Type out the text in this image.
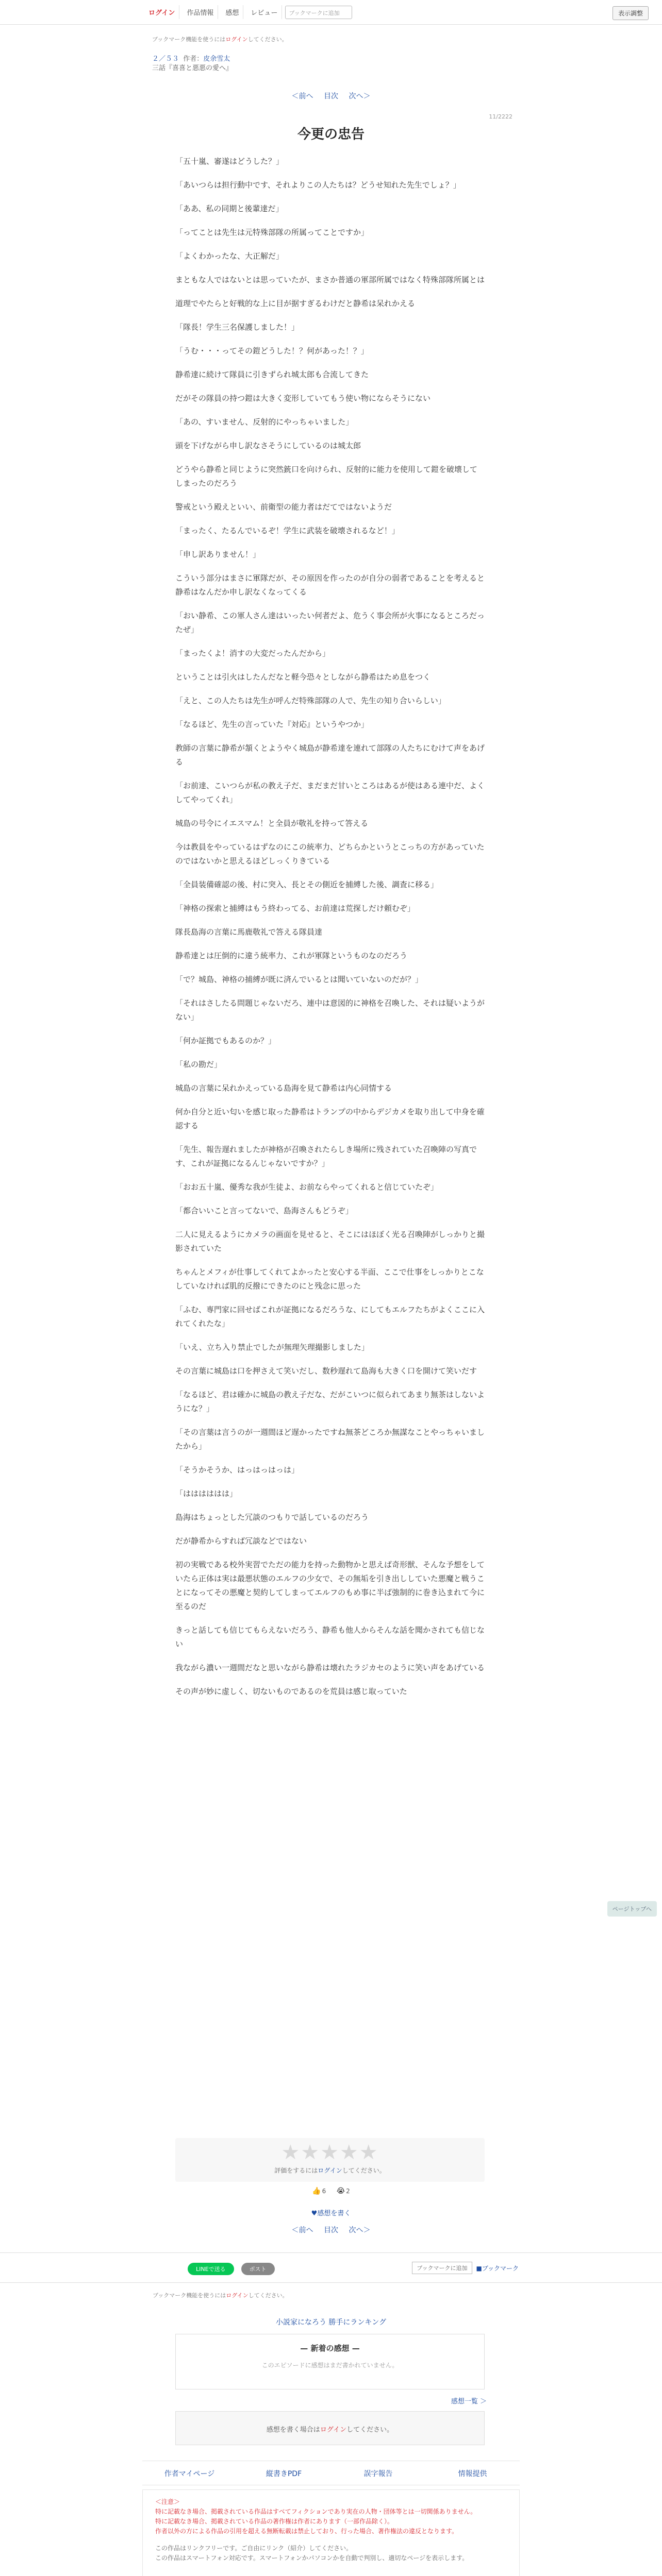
ログイン	作品情報	感想	レビュー	ブックマークに追加	表示調整
ブックマーク機能を使うにはログインしてください。
２／５３ 作者：皮余雪太
三話『喜喜と悪悪の愛へ』
＜前へ 目次 次へ＞
11/2222
今更の忠告

「五十嵐、審遂はどうした？」

「あいつらは担行動中です、それよりこの人たちは？どうせ知れた先生でしょ？」

「ああ、私の同期と後輩達だ」

「ってことは先生は元特殊部隊の所属ってことですか」

「よくわかったな、大正解だ」

まともな人ではないとは思っていたが、まさか普通の軍部所属ではなく特殊部隊所属とは

道理でやたらと好戦的な上に目が据すぎるわけだと静希は呆れかえる

「隊長！学生三名保護しました！」

「うむ・・・ってその鎧どうした！？何があった！？」

静希達に続けて隊員に引きずられ城太郎も合流してきた

だがその隊員の持つ鎧は大きく変形していてもう使い物にならそうにない

「あの、すいません、反射的にやっちゃいました」

頭を下げながら申し訳なさそうにしているのは城太郎

どうやら静希と同じように突然銃口を向けられ、反射的に能力を使用して鎧を破壊してしまったのだろう

警戒という殿えといい、前衛型の能力者はだてではないようだ

「まったく、たるんでいるぞ！学生に武装を破壊されるなど！」

「申し訳ありません！」

こういう部分はまさに軍隊だが、その原因を作ったのが自分の弱者であることを考えると静希はなんだか申し訳なくなってくる

「おい静希、この軍人さん達はいったい何者だよ、危うく事会所が火事になるところだったぜ」

「まったくよ！消すの大変だったんだから」

ということは引火はしたんだなと軽今恐々としながら静希はため息をつく

「えと、この人たちは先生が呼んだ特殊部隊の人で、先生の知り合いらしい」

「なるほど、先生の言っていた『対応』というやつか」

教師の言葉に静希が頷くとようやく城島が静希達を連れて部隊の人たちにむけて声をあげる

「お前達、こいつらが私の教え子だ、まだまだ甘いところはあるが使はある連中だ、よくしてやってくれ」

城島の号令にイエスマム！と全員が敬礼を持って答える

今は教員をやっているはずなのにこの統率力、どちらかというとこっちの方があっていたのではないかと思えるほどしっくりきている

「全員装備確認の後、村に突入、長とその側近を捕縛した後、調査に移る」

「神格の探索と捕縛はもう終わってる、お前達は荒探しだけ頼むぞ」

隊長島海の言葉に馬鹿敬礼で答える隊員達

静希達とは圧倒的に違う統率力、これが軍隊というものなのだろう

「で？城島、神格の捕縛が既に済んでいるとは聞いていないのだが？」

「それはさしたる問題じゃないだろ、連中は意図的に神格を召喚した、それは疑いようがない」

「何か証拠でもあるのか？」

「私の勘だ」

城島の言葉に呆れかえっている島海を見て静希は内心同情する

何か自分と近い匂いを感じ取った静希はトランプの中からデジカメを取り出して中身を確認する

「先生、報告遅れましたが神格が召喚されたらしき場所に残されていた召喚陣の写真です、これが証拠になるんじゃないですか？」

「おお五十嵐、優秀な我が生徒よ、お前ならやってくれると信じていたぞ」

「都合いいこと言ってないで、島海さんもどうぞ」

二人に見えるようにカメラの画面を見せると、そこにはほぼく光る召喚陣がしっかりと撮影されていた

ちゃんとメフィが仕事してくれてよかったと安心する半面、ここで仕事をしっかりとこなしていなければ肌的反撥にできたのにと残念に思った

「ふむ、専門家に回せばこれが証拠になるだろうな、にしてもエルフたちがよくここに入れてくれたな」

「いえ、立ち入り禁止でしたが無理矢理撮影しました」

その言葉に城島は口を押さえて笑いだし、数秒遅れて島海も大きく口を開けて笑いだす

「なるほど、君は確かに城島の教え子だな、だがこいつに似られてあまり無茶はしないようにな？」

「その言葉は言うのが一週間ほど遅かったですね無茶どころか無謀なことやっちゃいましたから」

「そうかそうか、はっはっはっは」

「はははははは」

島海はちょっとした冗談のつもりで話しているのだろう

だが静希からすれば冗談などではない

初の実戦である校外実習でただの能力を持った動物かと思えば奇形獣、そんな予想をしていたら正体は実は最悪状態のエルフの少女で、その無垢を引き出ししていた悪魔と戦うことになってその悪魔と契約してしまってエルフのもめ事に半ば強制的に巻き込まれて今に至るのだ

きっと話しても信じてもらえないだろう、静希も他人からそんな話を聞かされても信じない

我ながら濃い一週間だなと思いながら静希は壊れたラジカセのように笑い声をあげている

その声が妙に虚しく、切ないものであるのを荒員は感じ取っていた

ページトップへ
★★★★★
評価をするにはログインしてください。
👍 6 😭 2
♥感想を書く
＜前へ 目次 次へ＞
LINEで送る	ポスト	ブックマークに追加	■ブックマーク
ブックマーク機能を使うにはログインしてください。
小説家になろう 勝手にランキング
— 新着の感想 —
このエピソードに感想はまだ書かれていません。
感想一覧 ＞
感想を書く場合はログインしてください。
作者マイページ	縦書きPDF	誤字報告	情報提供
＜注意＞
特に記載なき場合、掲載されている作品はすべてフィクションであり実在の人物・団体等とは一切関係ありません。
特に記載なき場合、掲載されている作品の著作権は作者にあります（一部作品除く）。
作者以外の方による作品の引用を超える無断転載は禁止しており、行った場合、著作権法の違反となります。
この作品はリンクフリーです。ご自由にリンク（紹介）してください。
この作品はスマートフォン対応です。スマートフォンかパソコンかを自動で判別し、適切なページを表示します。
